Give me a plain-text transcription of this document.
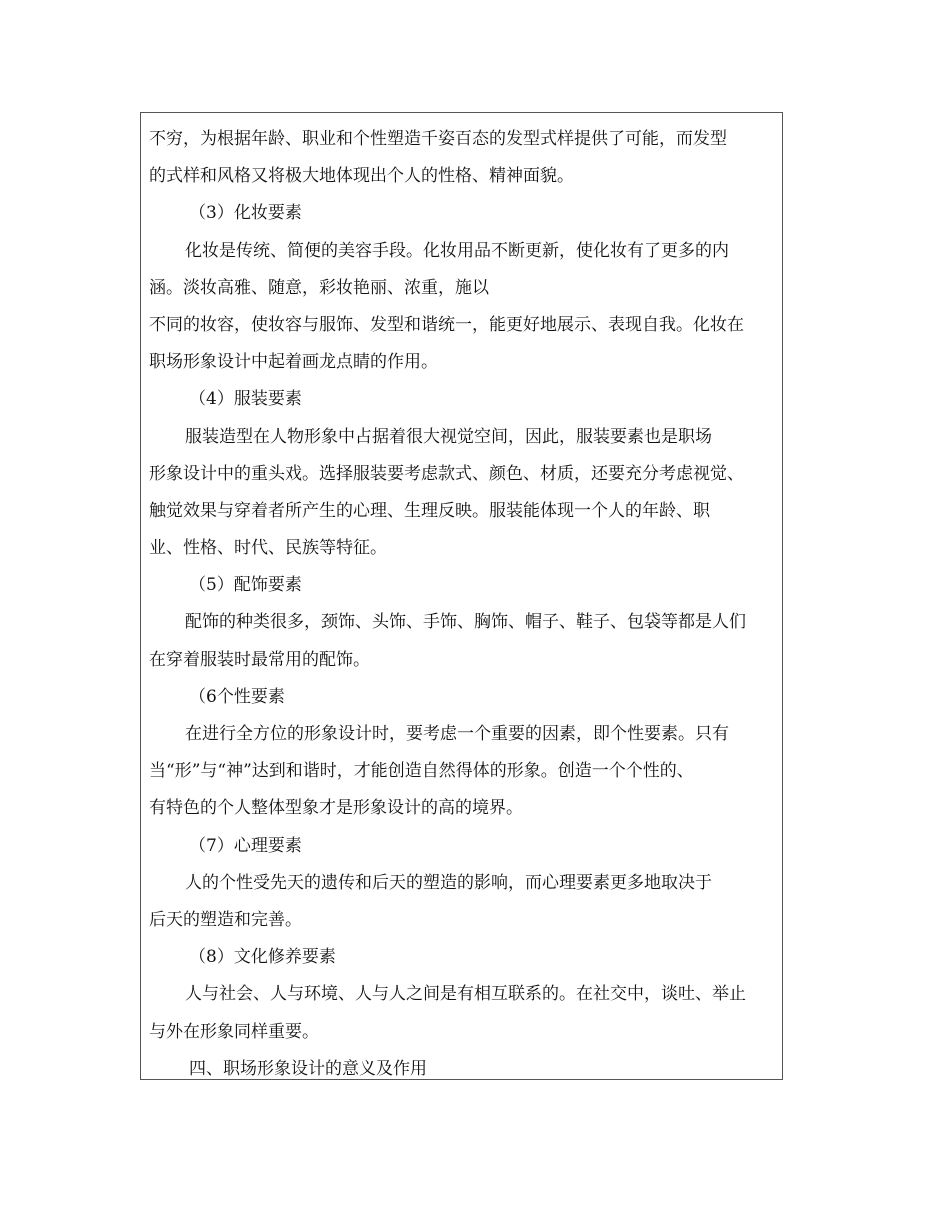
不穷，为根据年龄、职业和个性塑造千姿百态的发型式样提供了可能，而发型
的式样和风格又将极大地体现出个人的性格、精神面貌。
（3）化妆要素
化妆是传统、简便的美容手段。化妆用品不断更新，使化妆有了更多的内
涵。淡妆高雅、随意，彩妆艳丽、浓重，施以
不同的妆容，使妆容与服饰、发型和谐统一，能更好地展示、表现自我。化妆在
职场形象设计中起着画龙点睛的作用。
（4）服装要素
服装造型在人物形象中占据着很大视觉空间，因此，服装要素也是职场
形象设计中的重头戏。选择服装要考虑款式、颜色、材质，还要充分考虑视觉、
触觉效果与穿着者所产生的心理、生理反映。服装能体现一个人的年龄、职
业、性格、时代、民族等特征。
（5）配饰要素
配饰的种类很多，颈饰、头饰、手饰、胸饰、帽子、鞋子、包袋等都是人们
在穿着服装时最常用的配饰。
（6个性要素
在进行全方位的形象设计时，要考虑一个重要的因素，即个性要素。只有
当“形”与“神”达到和谐时，才能创造自然得体的形象。创造一个个性的、
有特色的个人整体型象才是形象设计的高的境界。
（7）心理要素
人的个性受先天的遗传和后天的塑造的影响，而心理要素更多地取决于
后天的塑造和完善。
（8）文化修养要素
人与社会、人与环境、人与人之间是有相互联系的。在社交中，谈吐、举止
与外在形象同样重要。
四、职场形象设计的意义及作用
